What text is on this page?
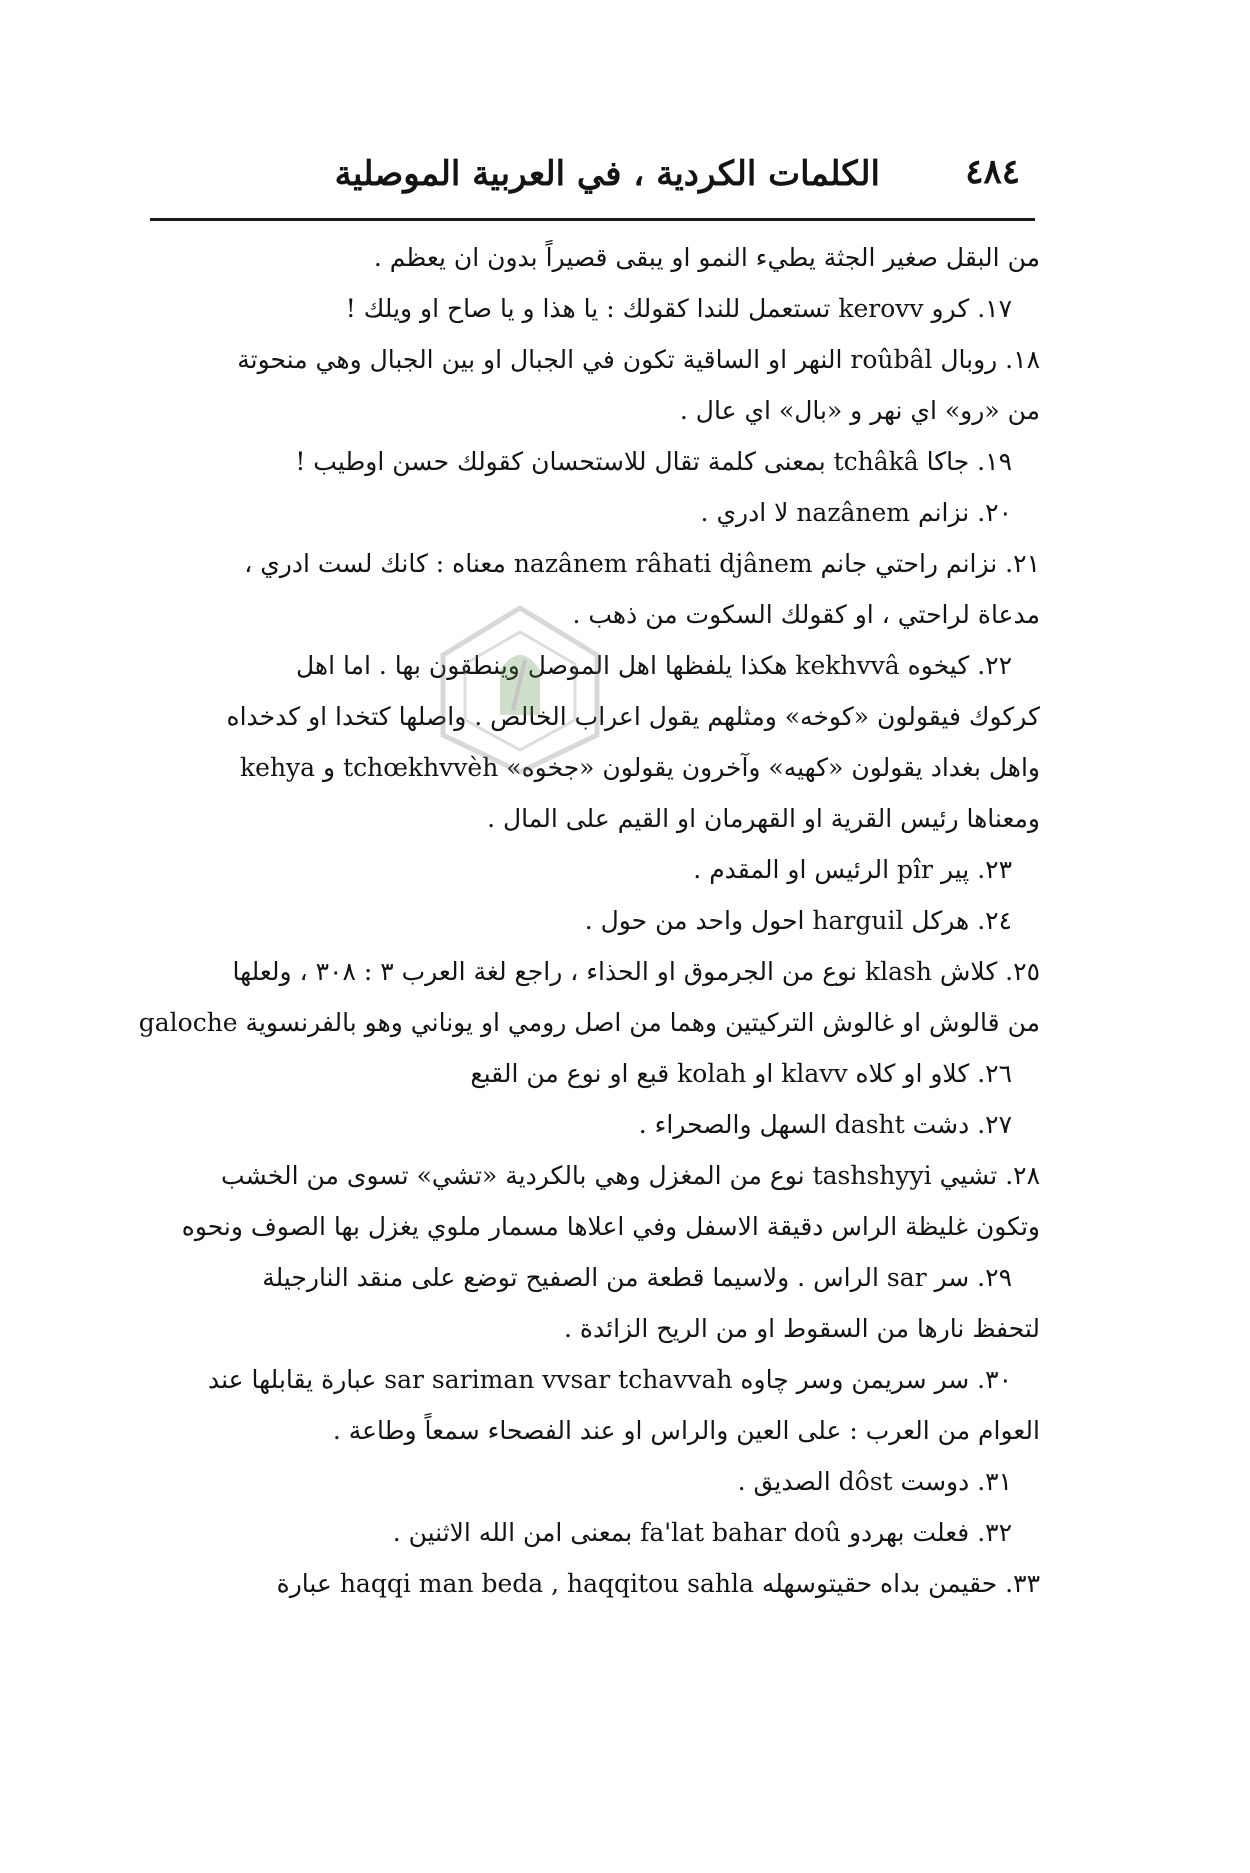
٤٨٤
الكلمات الكردية ، في العربية الموصلية
من البقل صغير الجثة يطيء النمو او يبقى قصيراً بدون ان يعظم .
١٧. كرو kerovv تستعمل للندا كقولك : يا هذا و يا صاح او ويلك !
١٨. روبال roûbâl النهر او الساقية تكون في الجبال او بين الجبال وهي منحوتة
من «رو» اي نهر و «بال» اي عال .
١٩. جاكا tchâkâ بمعنى كلمة تقال للاستحسان كقولك حسن اوطيب !
٢٠. نزانم nazânem لا ادري .
٢١. نزانم راحتي جانم nazânem râhati djânem معناه : كانك لست ادري ،
مدعاة لراحتي ، او كقولك السكوت من ذهب .
٢٢. كيخوه kekhvvâ هكذا يلفظها اهل الموصل وينطقون بها . اما اهل
كركوك فيقولون «كوخه» ومثلهم يقول اعراب الخالص . واصلها كتخدا او كدخداه
واهل بغداد يقولون «كهيه» وآخرون يقولون «جخوه» tchœkhvvèh و kehya
ومعناها رئيس القرية او القهرمان او القيم على المال .
٢٣. پير pîr الرئيس او المقدم .
٢٤. هركل harguil احول واحد من حول .
٢٥. كلاش klash نوع من الجرموق او الحذاء ، راجع لغة العرب ٣ : ٣٠٨ ، ولعلها
من قالوش او غالوش التركيتين وهما من اصل رومي او يوناني وهو بالفرنسوية galoche
٢٦. كلاو او كلاه klavv او kolah قبع او نوع من القبع
٢٧. دشت dasht السهل والصحراء .
٢٨. تشيي tashshyyi نوع من المغزل وهي بالكردية «تشي» تسوى من الخشب
وتكون غليظة الراس دقيقة الاسفل وفي اعلاها مسمار ملوي يغزل بها الصوف ونحوه
٢٩. سر sar الراس . ولاسيما قطعة من الصفيح توضع على منقد النارجيلة
لتحفظ نارها من السقوط او من الريح الزائدة .
٣٠. سر سريمن وسر چاوه sar sariman vvsar tchavvah عبارة يقابلها عند
العوام من العرب : على العين والراس او عند الفصحاء سمعاً وطاعة .
٣١. دوست dôst الصديق .
٣٢. فعلت بهردو fa'lat bahar doû بمعنى امن الله الاثنين .
٣٣. حقيمن بداه حقيتوسهله haqqi man beda , haqqitou sahla عبارة
